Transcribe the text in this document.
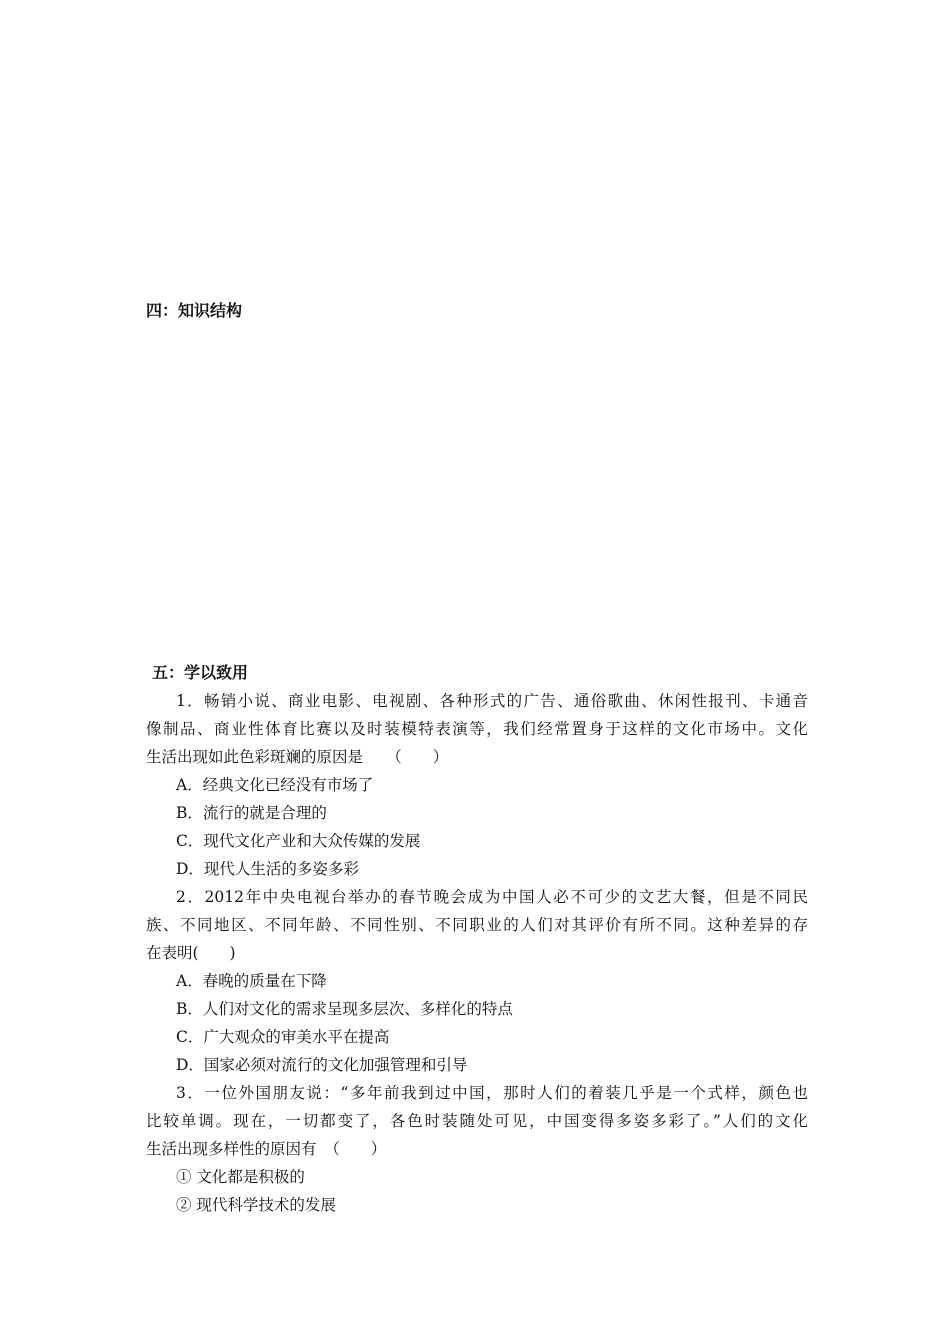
四：知识结构
五：学以致用
1．畅销小说、商业电影、电视剧、各种形式的广告、通俗歌曲、休闲性报刊、卡通音
像制品、商业性体育比赛以及时装模特表演等，我们经常置身于这样的文化市场中。文化
生活出现如此色彩斑斓的原因是　　（　　）
A．经典文化已经没有市场了
B．流行的就是合理的
C．现代文化产业和大众传媒的发展
D．现代人生活的多姿多彩
2．2012年中央电视台举办的春节晚会成为中国人必不可少的文艺大餐，但是不同民
族、不同地区、不同年龄、不同性别、不同职业的人们对其评价有所不同。这种差异的存
在表明(　　)
A．春晚的质量在下降
B．人们对文化的需求呈现多层次、多样化的特点
C．广大观众的审美水平在提高
D．国家必须对流行的文化加强管理和引导
3．一位外国朋友说：“多年前我到过中国，那时人们的着装几乎是一个式样，颜色也
比较单调。现在，一切都变了，各色时装随处可见，中国变得多姿多彩了。”人们的文化
生活出现多样性的原因有　（　　）
① 文化都是积极的
② 现代科学技术的发展
